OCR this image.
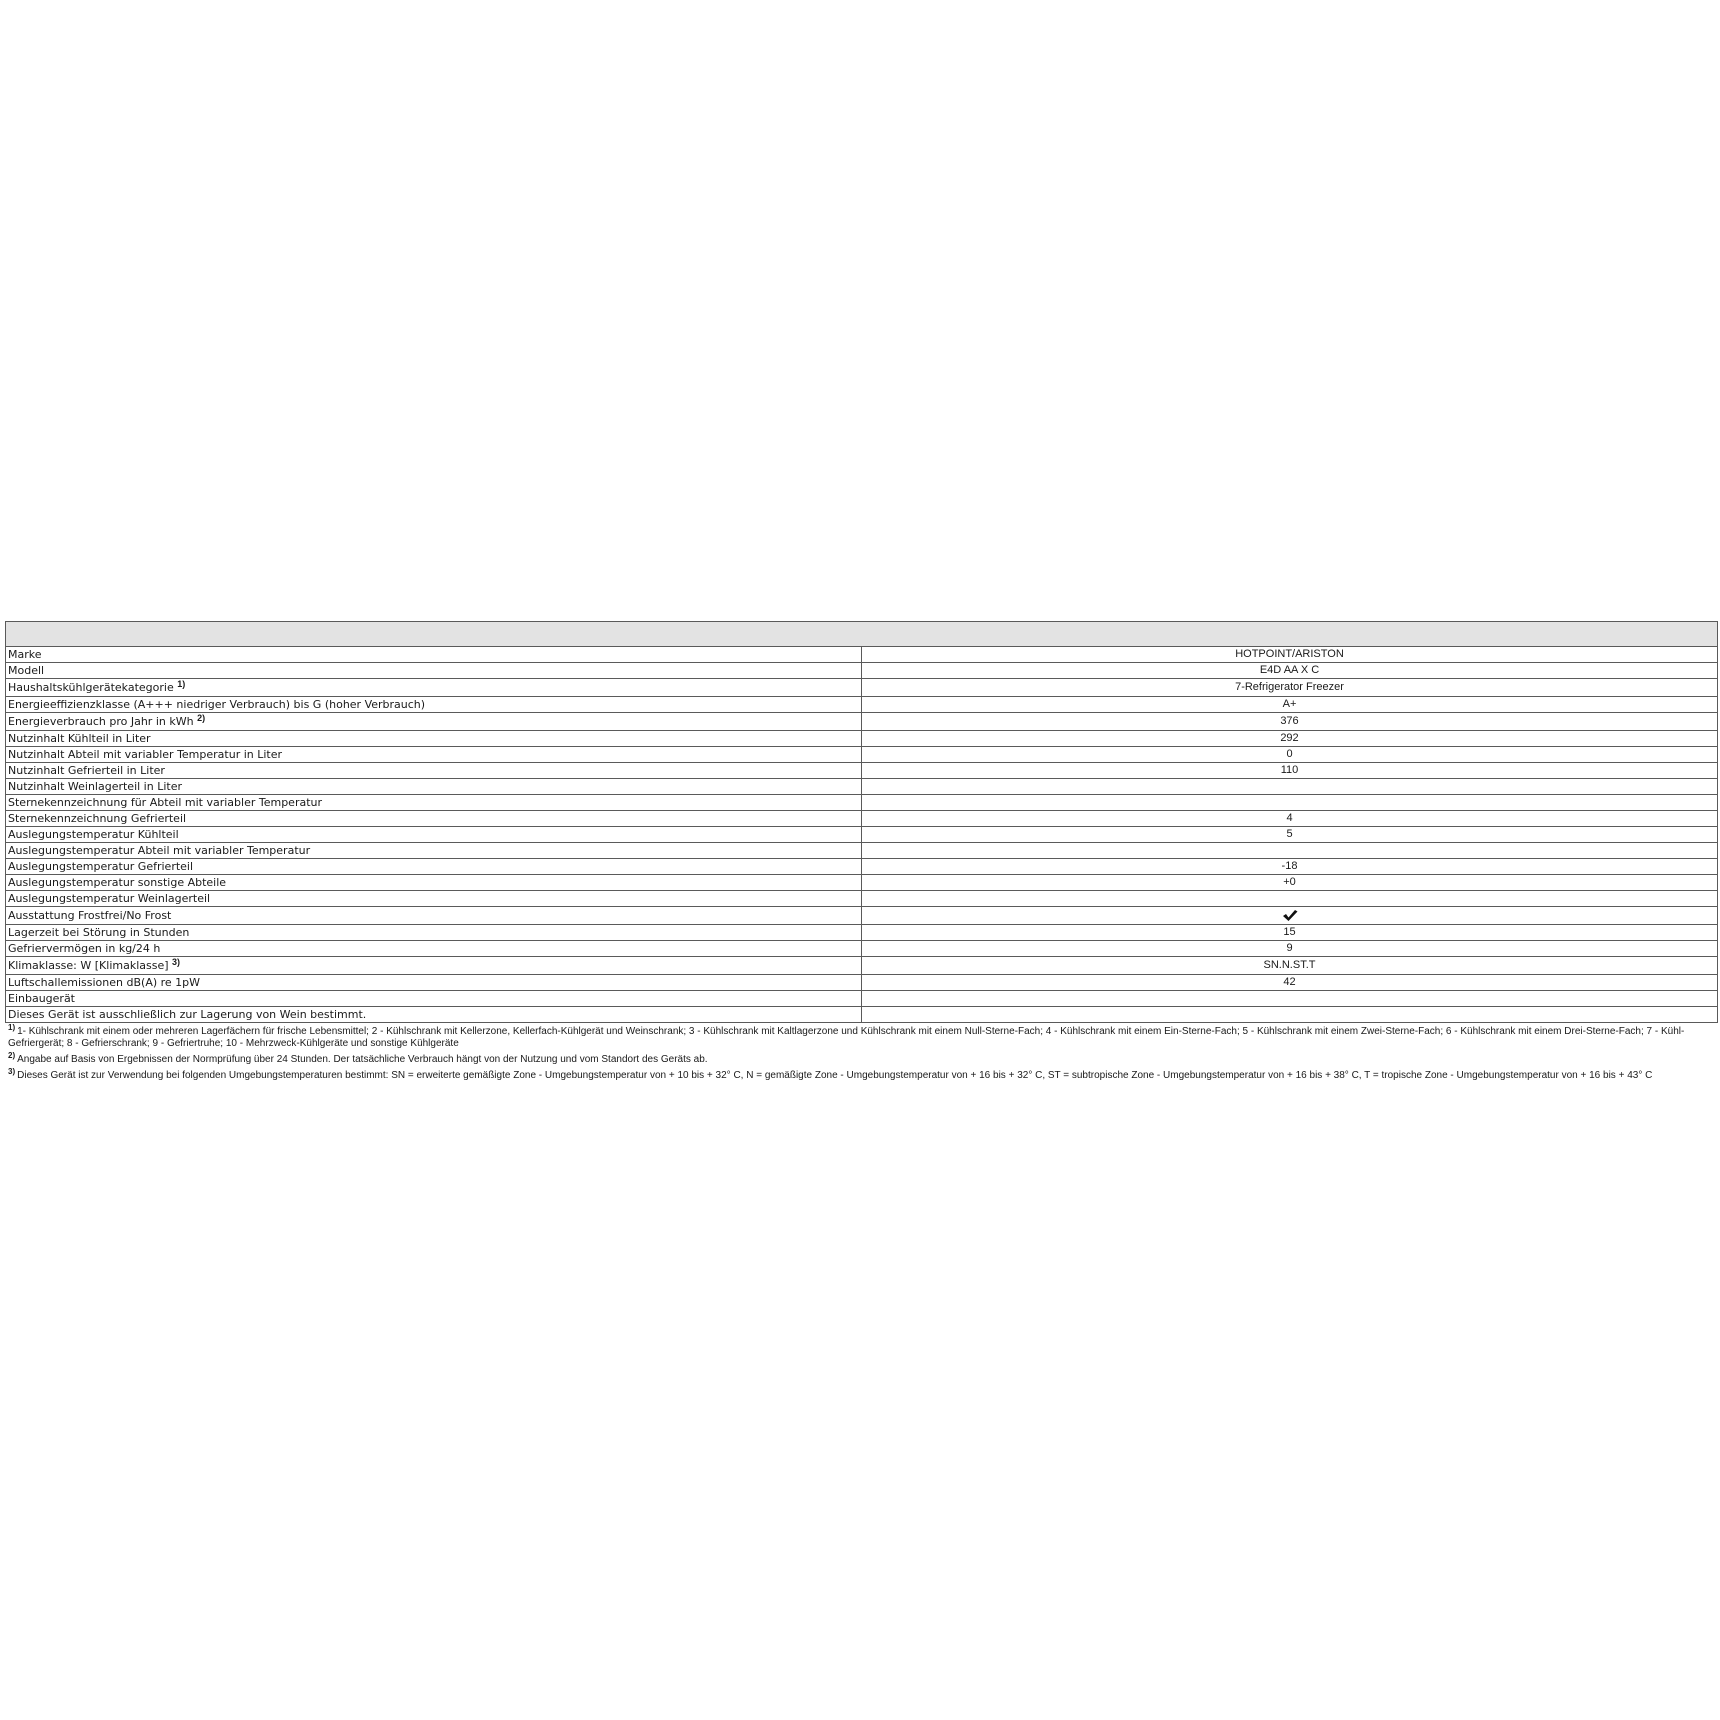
Marke	HOTPOINT/ARISTON
Modell	E4D AA X C
Haushaltskühlgerätekategorie $^{1)}$	7-Refrigerator Freezer
Energieeffizienzklasse (A+++ niedriger Verbrauch) bis G (hoher Verbrauch)	A+
Energieverbrauch pro Jahr in kWh $^{2)}$	376
Nutzinhalt Kühlteil in Liter	292
Nutzinhalt Abteil mit variabler Temperatur in Liter	0
Nutzinhalt Gefrierteil in Liter	110
Nutzinhalt Weinlagerteil in Liter	
Sternekennzeichnung für Abteil mit variabler Temperatur	
Sternekennzeichnung Gefrierteil	4
Auslegungstemperatur Kühlteil	5
Auslegungstemperatur Abteil mit variabler Temperatur	
Auslegungstemperatur Gefrierteil	-18
Auslegungstemperatur sonstige Abteile	+0
Auslegungstemperatur Weinlagerteil	
Ausstattung Frostfrei/No Frost	
Lagerzeit bei Störung in Stunden	15
Gefriervermögen in kg/24 h	9
Klimaklasse: W [Klimaklasse] $^{3)}$	SN.N.ST.T
Luftschallemissionen dB(A) re 1pW	42
Einbaugerät	
Dieses Gerät ist ausschließlich zur Lagerung von Wein bestimmt.	
$^{1)}$ 1- Kühlschrank mit einem oder mehreren Lagerfächern für frische Lebensmittel; 2 - Kühlschrank mit Kellerzone, Kellerfach-Kühlgerät und Weinschrank; 3 - Kühlschrank mit Kaltlagerzone und Kühlschrank mit einem Null-Sterne-Fach; 4 - Kühlschrank mit einem Ein-Sterne-Fach; 5 - Kühlschrank mit einem Zwei-Sterne-Fach; 6 - Kühlschrank mit einem Drei-Sterne-Fach; 7 - Kühl-Gefriergerät; 8 - Gefrierschrank; 9 - Gefriertruhe; 10 - Mehrzweck-Kühlgeräte und sonstige Kühlgeräte
$^{2)}$ Angabe auf Basis von Ergebnissen der Normprüfung über 24 Stunden. Der tatsächliche Verbrauch hängt von der Nutzung und vom Standort des Geräts ab.
$^{3)}$ Dieses Gerät ist zur Verwendung bei folgenden Umgebungstemperaturen bestimmt: SN = erweiterte gemäßigte Zone - Umgebungstemperatur von + 10 bis + 32° C, N = gemäßigte Zone - Umgebungstemperatur von + 16 bis + 32° C, ST = subtropische Zone - Umgebungstemperatur von + 16 bis + 38° C, T = tropische Zone - Umgebungstemperatur von + 16 bis + 43° C
